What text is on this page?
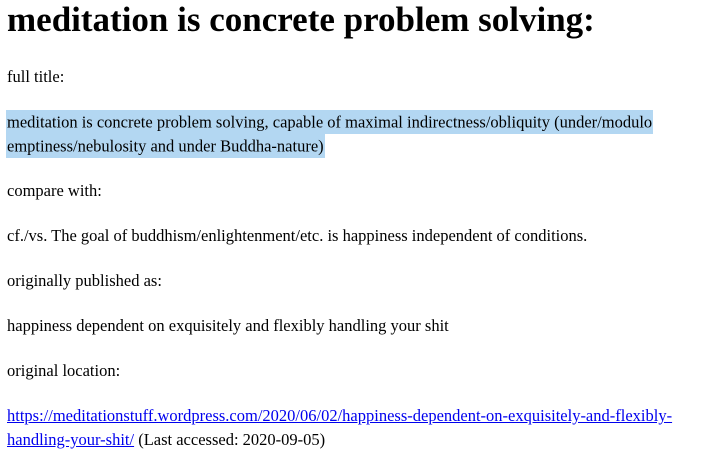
meditation is concrete problem solving:

full title:

meditation is concrete problem solving, capable of maximal indirectness/obliquity (under/modulo emptiness/nebulosity and under Buddha-nature)

compare with:

cf./vs. The goal of buddhism/enlightenment/etc. is happiness independent of conditions.

originally published as:

happiness dependent on exquisitely and flexibly handling your shit

original location:

https://meditationstuff.wordpress.com/2020/06/02/happiness-dependent-on-exquisitely-and-flexibly-handling-your-shit/ (Last accessed: 2020-09-05)
